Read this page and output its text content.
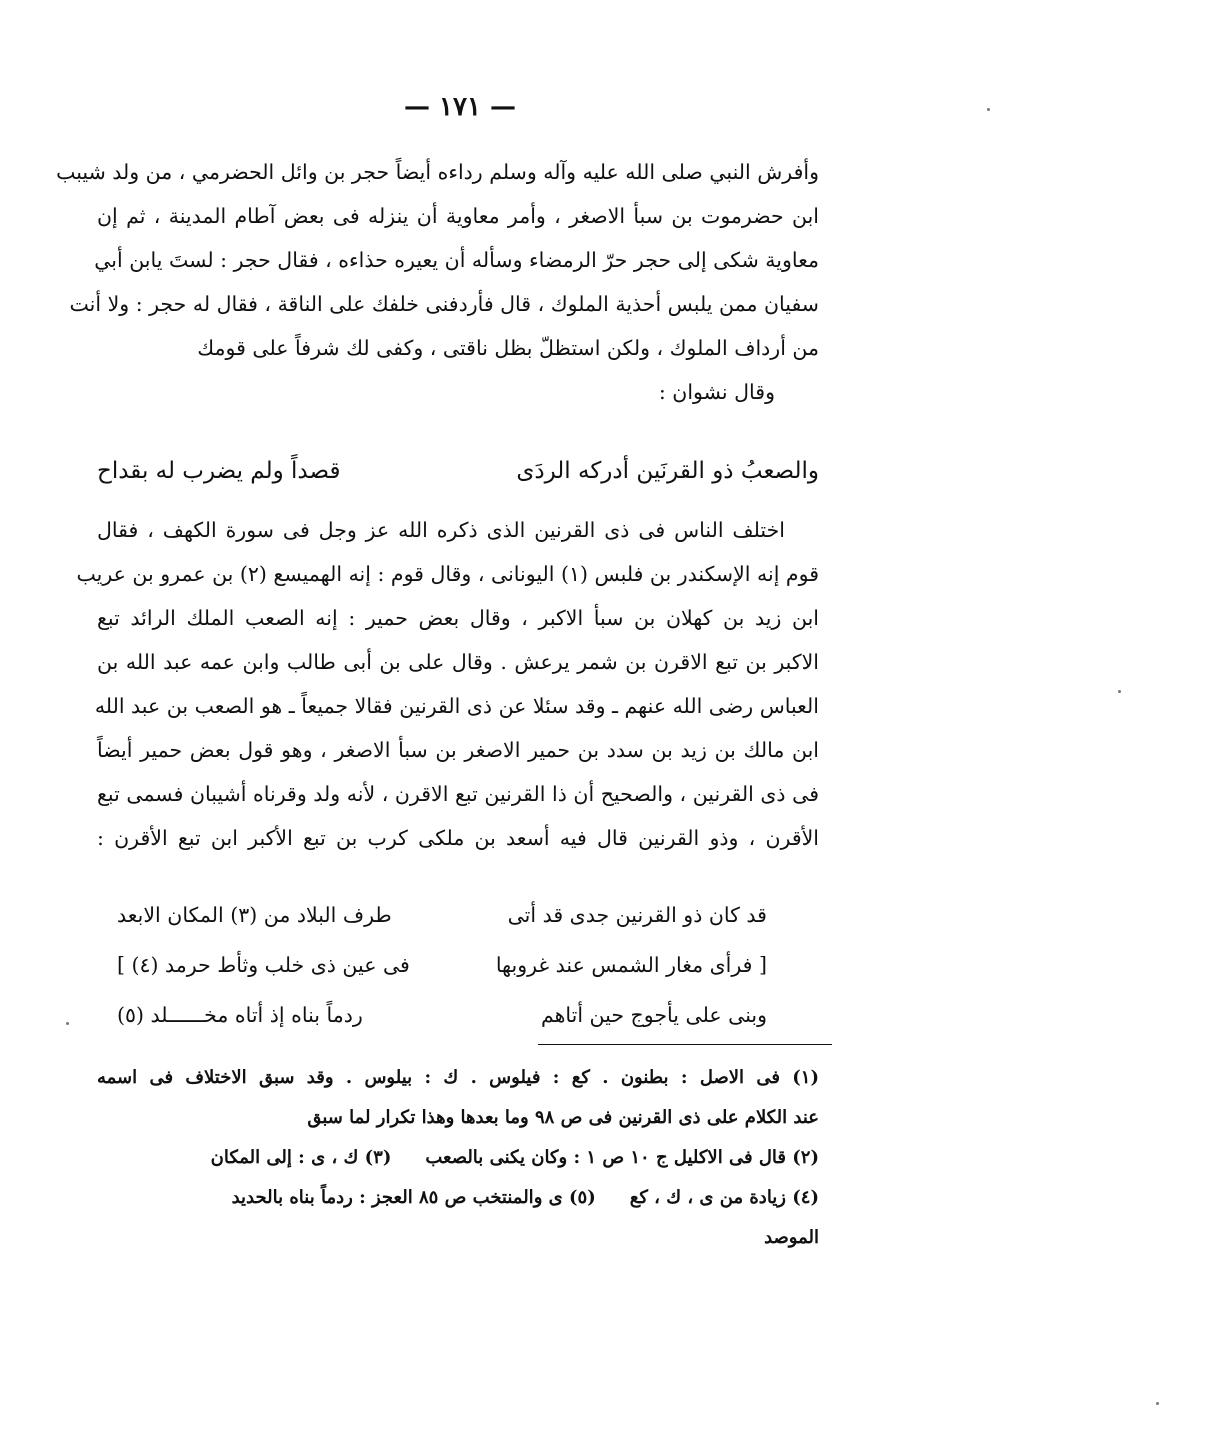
— ١٧١ —
وأفرش النبي صلى الله عليه وآله وسلم رداءه أيضاً حجر بن وائل الحضرمي ، من ولد شيبب
ابن حضرموت بن سبأ الاصغر ، وأمر معاوية أن ينزله فى بعض آطام المدينة ، ثم إن
معاوية شكى إلى حجر حرّ الرمضاء وسأله أن يعيره حذاءه ، فقال حجر : لستَ يابن أبي
سفيان ممن يلبس أحذية الملوك ، قال فأردفنى خلفك على الناقة ، فقال له حجر : ولا أنت
من أرداف الملوك ، ولكن استظلّ بظل ناقتى ، وكفى لك شرفاً على قومك
وقال نشوان :
والصعبُ ذو القرنَين أدركه الردَى
قصداً ولم يضرب له بقداح
اختلف الناس فى ذى القرنين الذى ذكره الله عز وجل فى سورة الكهف ، فقال
قوم إنه الإسكندر بن فلبس (١) اليونانى ، وقال قوم : إنه الهميسع (٢) بن عمرو بن عريب
ابن زيد بن كهلان بن سبأ الاكبر ، وقال بعض حمير : إنه الصعب الملك الرائد تبع
الاكبر بن تبع الاقرن بن شمر يرعش . وقال على بن أبى طالب وابن عمه عبد الله بن
العباس رضى الله عنهم ـ وقد سئلا عن ذى القرنين فقالا جميعاً ـ هو الصعب بن عبد الله
ابن مالك بن زيد بن سدد بن حمير الاصغر بن سبأ الاصغر ، وهو قول بعض حمير أيضاً
فى ذى القرنين ، والصحيح أن ذا القرنين تبع الاقرن ، لأنه ولد وقرناه أشيبان فسمى تبع
الأقرن ، وذو القرنين قال فيه أسعد بن ملكى كرب بن تبع الأكبر ابن تبع الأقرن :
قد كان ذو القرنين جدى قد أتى
طرف البلاد من (٣) المكان الابعد
[ فرأى مغار الشمس عند غروبها
فى عين ذى خلب وثأط حرمد (٤) ]
وبنى على يأجوج حين أتاهم
ردماً بناه إذ أتاه مخــــــلد (٥)
(١) فى الاصل : بطنون . كع : فيلوس . ك : بيلوس . وقد سبق الاختلاف فى اسمه
عند الكلام على ذى القرنين فى ص ٩٨ وما بعدها وهذا تكرار لما سبق
(٢) قال فى الاكليل ج ١٠ ص ١ : وكان يكنى بالصعب
(٣) ك ، ى : إلى المكان
(٤) زيادة من ى ، ك ، كع
(٥) ى والمنتخب ص ٨٥ العجز : ردماً بناه بالحديد
الموصد
